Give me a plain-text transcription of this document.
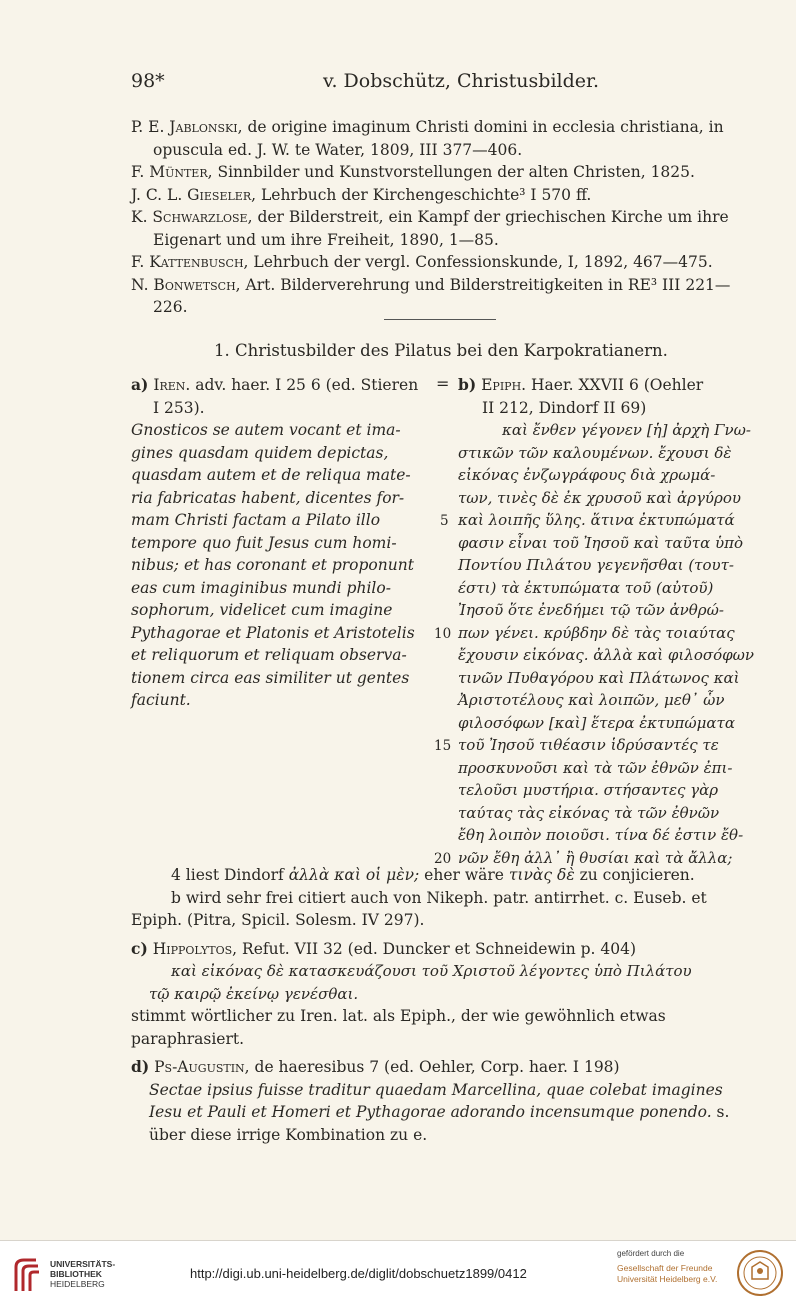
98*	v. Dobschütz, Christusbilder.

P. E. Jablonski, de origine imaginum Christi domini in ecclesia christiana, in opuscula ed. J. W. te Water, 1809, III 377—406.

F. Münter, Sinnbilder und Kunstvorstellungen der alten Christen, 1825.

J. C. L. Gieseler, Lehrbuch der Kirchengeschichte³ I 570 ff.

K. Schwarzlose, der Bilderstreit, ein Kampf der griechischen Kirche um ihre Eigenart und um ihre Freiheit, 1890, 1—85.

F. Kattenbusch, Lehrbuch der vergl. Confessionskunde, I, 1892, 467—475.

N. Bonwetsch, Art. Bilderverehrung und Bilderstreitigkeiten in RE³ III 221—226.

1. Christusbilder des Pilatus bei den Karpokratianern.

a) Iren. adv. haer. I 25 6 (ed. Stieren I 253).

Gnosticos se autem vocant et ima-

gines quasdam quidem depictas,

quasdam autem et de reliqua mate-

ria fabricatas habent, dicentes for-

mam Christi factam a Pilato illo

tempore quo fuit Jesus cum homi-

nibus; et has coronant et proponunt

eas cum imaginibus mundi philo-

sophorum, videlicet cum imagine

Pythagorae et Platonis et Aristotelis

et reliquorum et reliquam observa-

tionem circa eas similiter ut gentes

faciunt.

=
5
10
15
20

b) Epiph. Haer. XXVII 6 (Oehler

II 212, Dindorf II 69)

καὶ ἔνθεν γέγονεν [ἡ] ἀρχὴ Γνω-

στικῶν τῶν καλουμένων. ἔχουσι δὲ

εἰκόνας ἐνζωγράφους διὰ χρωμά-

των, τινὲς δὲ ἐκ χρυσοῦ καὶ ἀργύρου

καὶ λοιπῆς ὕλης. ἅτινα ἐκτυπώματά

φασιν εἶναι τοῦ Ἰησοῦ καὶ ταῦτα ὑπὸ

Ποντίου Πιλάτου γεγενῆσθαι (τουτ-

έστι) τὰ ἐκτυπώματα τοῦ (αὐτοῦ)

Ἰησοῦ ὅτε ἐνεδήμει τῷ τῶν ἀνθρώ-

πων γένει. κρύβδην δὲ τὰς τοιαύτας

ἔχουσιν εἰκόνας. ἀλλὰ καὶ φιλοσόφων

τινῶν Πυθαγόρου καὶ Πλάτωνος καὶ

Ἀριστοτέλους καὶ λοιπῶν, μεθ᾽ ὧν

φιλοσόφων [καὶ] ἕτερα ἐκτυπώματα

τοῦ Ἰησοῦ τιθέασιν ἱδρύσαντές τε

προσκυνοῦσι καὶ τὰ τῶν ἐθνῶν ἐπι-

τελοῦσι μυστήρια. στήσαντες γὰρ

ταύτας τὰς εἰκόνας τὰ τῶν ἐθνῶν

ἔθη λοιπὸν ποιοῦσι. τίνα δέ ἐστιν ἔθ-

νῶν ἔθη ἀλλ᾽ ἢ θυσίαι καὶ τὰ ἄλλα;

4 liest Dindorf ἀλλὰ καὶ οἱ μὲν; eher wäre τινὰς δὲ zu conjicieren.

b wird sehr frei citiert auch von Nikeph. patr. antirrhet. c. Euseb. et Epiph. (Pitra, Spicil. Solesm. IV 297).

c) Hippolytos, Refut. VII 32 (ed. Duncker et Schneidewin p. 404)

καὶ εἰκόνας δὲ κατασκευάζουσι τοῦ Χριστοῦ λέγοντες ὑπὸ Πιλάτου

τῷ καιρῷ ἐκείνῳ γενέσθαι.

stimmt wörtlicher zu Iren. lat. als Epiph., der wie gewöhnlich etwas paraphrasiert.

d) Ps-Augustin, de haeresibus 7 (ed. Oehler, Corp. haer. I 198)

Sectae ipsius fuisse traditur quaedam Marcellina, quae colebat imagines Iesu et Pauli et Homeri et Pythagorae adorando incensumque ponendo. s. über diese irrige Kombination zu e.

UNIVERSITÄTS-
BIBLIOTHEK
HEIDELBERG
http://digi.ub.uni-heidelberg.de/diglit/dobschuetz1899/0412
gefördert durch die
Gesellschaft der Freunde
Universität Heidelberg e.V.
